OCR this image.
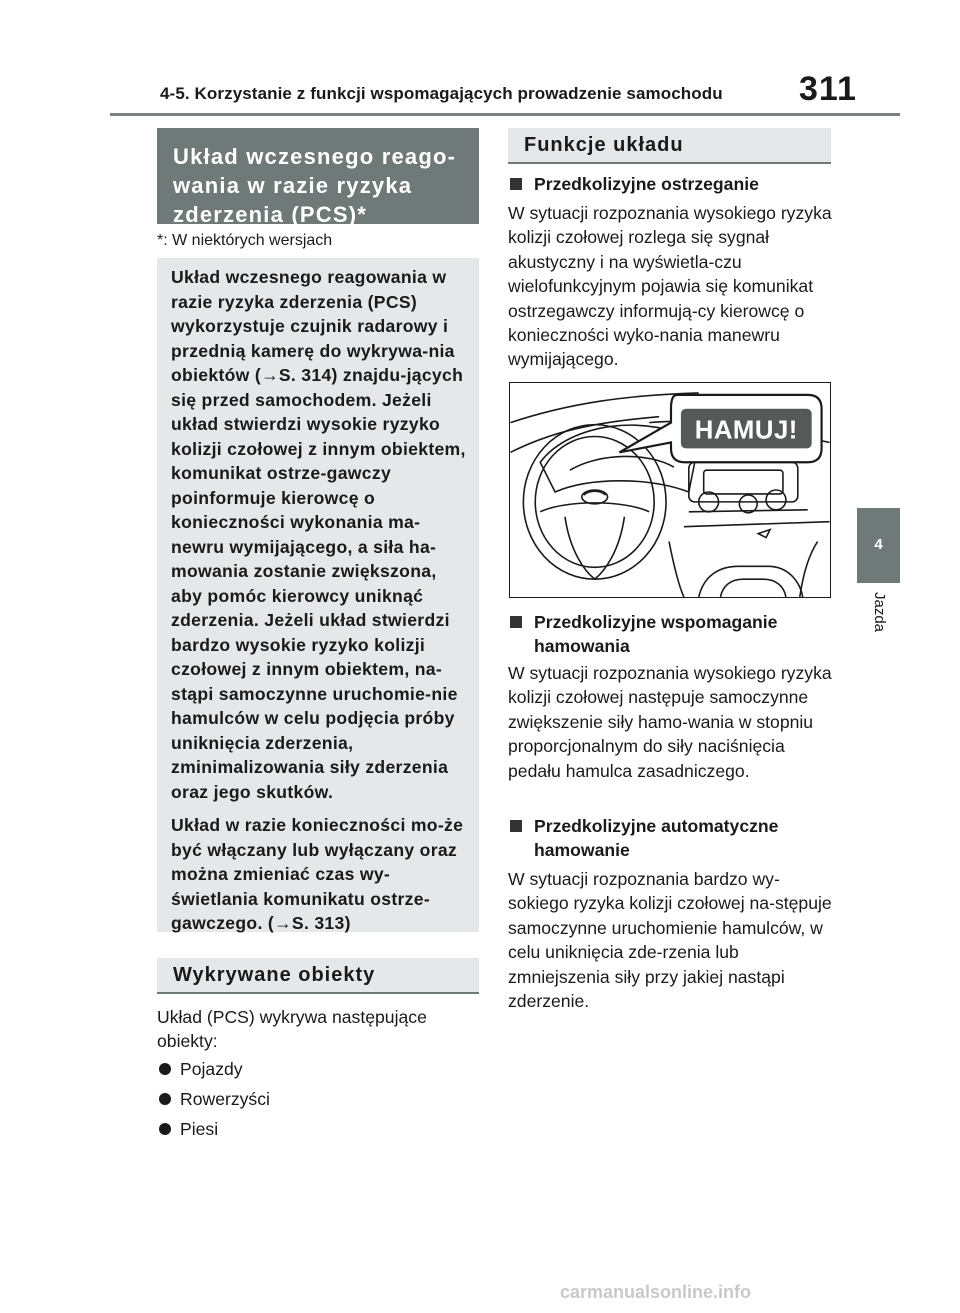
4-5. Korzystanie z funkcji wspomagających prowadzenie samochodu 311
4
Jazda
Układ wczesnego reago-
wania w razie ryzyka
zderzenia (PCS)*
*: W niektórych wersjach

Układ wczesnego reagowania w razie ryzyka zderzenia (PCS) wykorzystuje czujnik radarowy i przednią kamerę do wykrywa-nia obiektów (→S. 314) znajdu-jących się przed samochodem. Jeżeli układ stwierdzi wysokie ryzyko kolizji czołowej z innym obiektem, komunikat ostrze-gawczy poinformuje kierowcę o konieczności wykonania ma-newru wymijającego, a siła ha-mowania zostanie zwiększona, aby pomóc kierowcy uniknąć zderzenia. Jeżeli układ stwierdzi bardzo wysokie ryzyko kolizji czołowej z innym obiektem, na-stąpi samoczynne uruchomie-nie hamulców w celu podjęcia próby uniknięcia zderzenia, zminimalizowania siły zderzenia oraz jego skutków.

Układ w razie konieczności mo-że być włączany lub wyłączany oraz można zmieniać czas wy-świetlania komunikatu ostrze-gawczego. (→S. 313)

Wykrywane obiekty

Układ (PCS) wykrywa następujące obiekty:

Pojazdy
Rowerzyści
Piesi
Funkcje układu
Przedkolizyjne ostrzeganie

W sytuacji rozpoznania wysokiego ryzyka kolizji czołowej rozlega się sygnał akustyczny i na wyświetla-czu wielofunkcyjnym pojawia się komunikat ostrzegawczy informują-cy kierowcę o konieczności wyko-nania manewru wymijającego.

HAMUJ!
Przedkolizyjne wspomaganie hamowania

W sytuacji rozpoznania wysokiego ryzyka kolizji czołowej następuje samoczynne zwiększenie siły hamo-wania w stopniu proporcjonalnym do siły naciśnięcia pedału hamulca zasadniczego.

Przedkolizyjne automatyczne hamowanie

W sytuacji rozpoznania bardzo wy-sokiego ryzyka kolizji czołowej na-stępuje samoczynne uruchomienie hamulców, w celu uniknięcia zde-rzenia lub zmniejszenia siły przy jakiej nastąpi zderzenie.

carmanualsonline.info
